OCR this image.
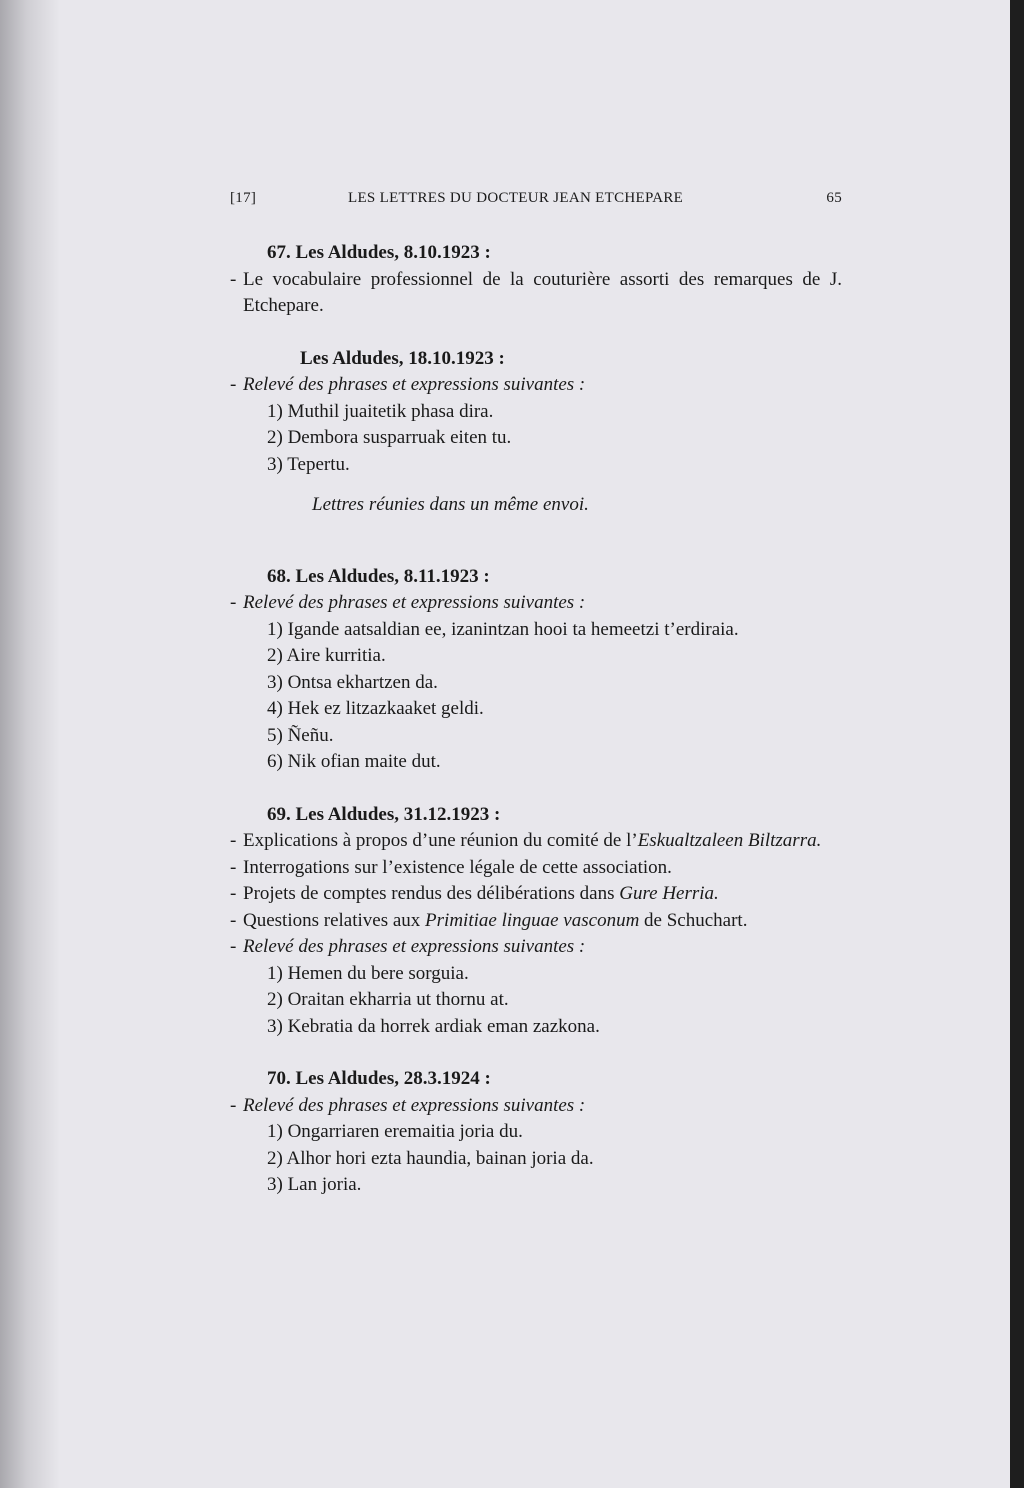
[17]	LES LETTRES DU DOCTEUR JEAN ETCHEPARE	65

67. Les Aldudes, 8.10.1923 :

- Le vocabulaire professionnel de la couturière assorti des remarques de J. Etchepare.

Les Aldudes, 18.10.1923 :

- Relevé des phrases et expressions suivantes :

1) Muthil juaitetik phasa dira.

2) Dembora susparruak eiten tu.

3) Tepertu.

Lettres réunies dans un même envoi.

68. Les Aldudes, 8.11.1923 :

- Relevé des phrases et expressions suivantes :

1) Igande aatsaldian ee, izanintzan hooi ta hemeetzi t’erdiraia.

2) Aire kurritia.

3) Ontsa ekhartzen da.

4) Hek ez litzazkaaket geldi.

5) Ñeñu.

6) Nik ofian maite dut.

69. Les Aldudes, 31.12.1923 :

- Explications à propos d’une réunion du comité de l’Eskualtzaleen Biltzarra.

- Interrogations sur l’existence légale de cette association.

- Projets de comptes rendus des délibérations dans Gure Herria.

- Questions relatives aux Primitiae linguae vasconum de Schuchart.

- Relevé des phrases et expressions suivantes :

1) Hemen du bere sorguia.

2) Oraitan ekharria ut thornu at.

3) Kebratia da horrek ardiak eman zazkona.

70. Les Aldudes, 28.3.1924 :

- Relevé des phrases et expressions suivantes :

1) Ongarriaren eremaitia joria du.

2) Alhor hori ezta haundia, bainan joria da.

3) Lan joria.
